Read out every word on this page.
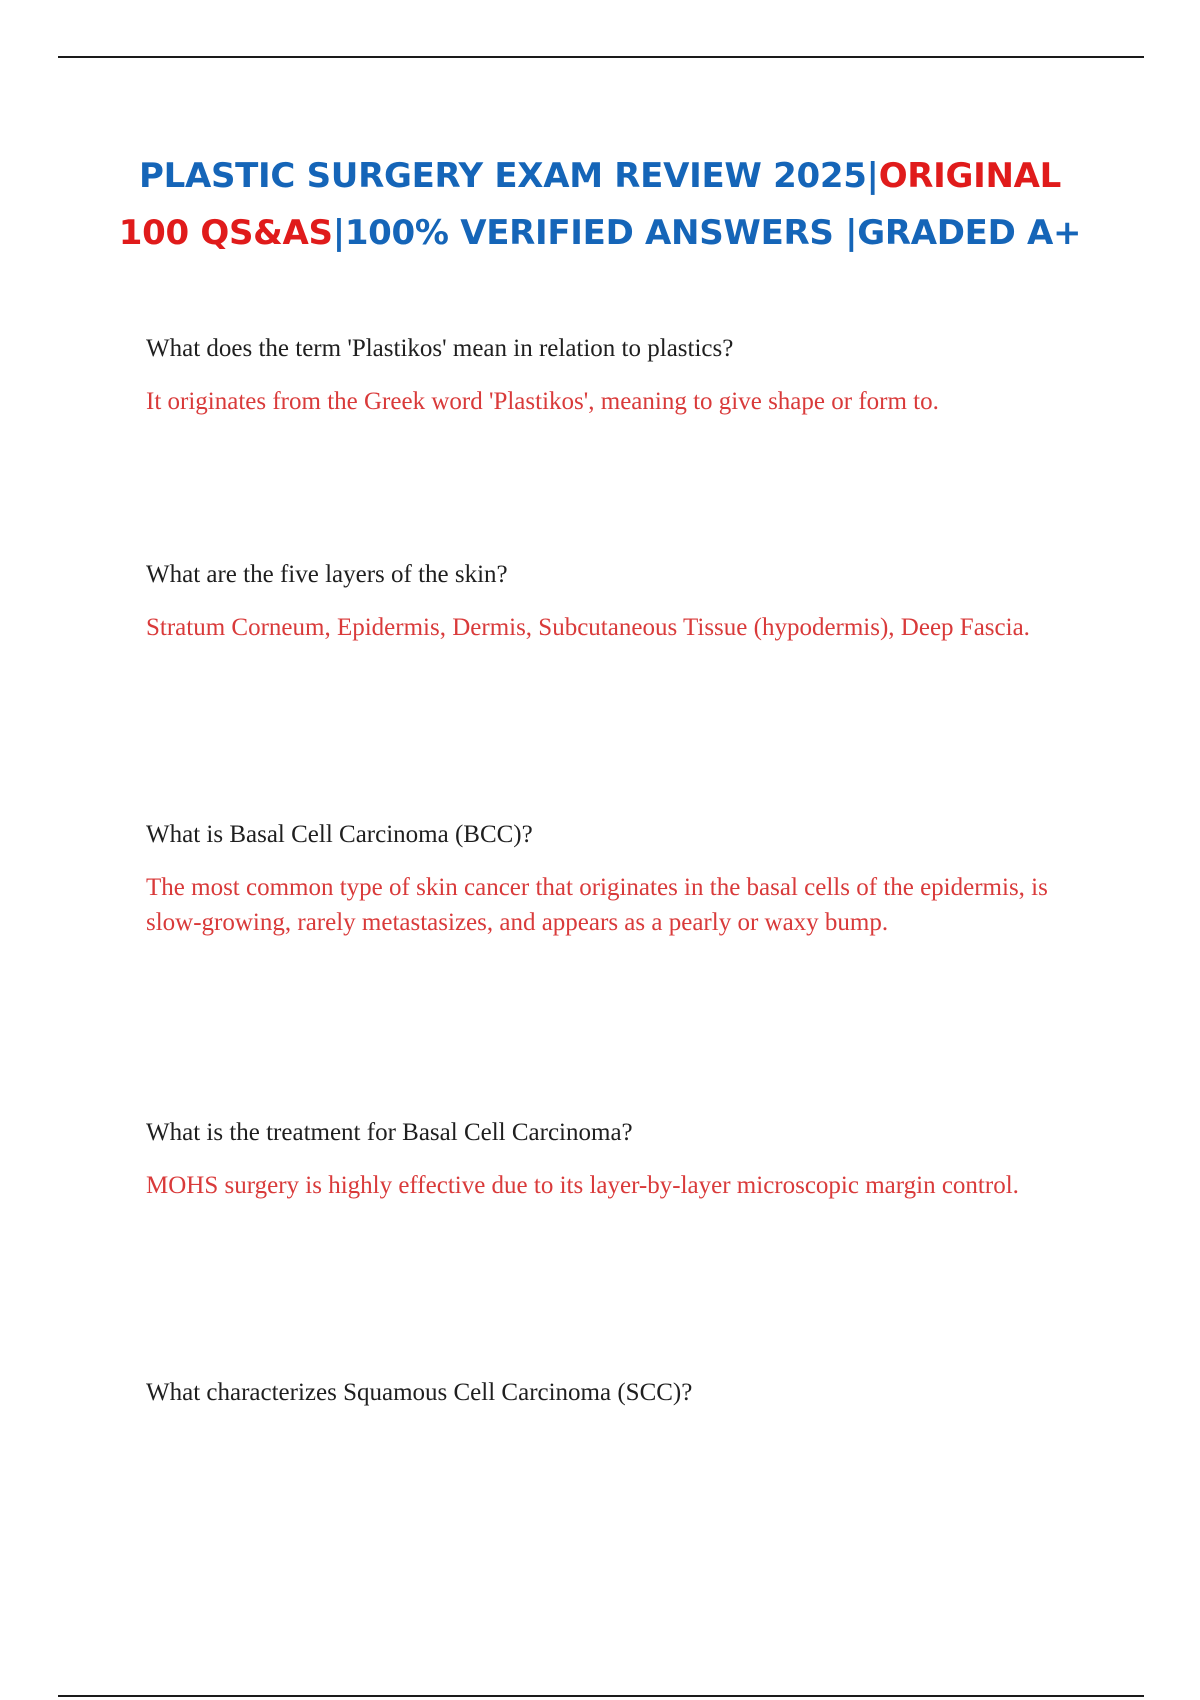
PLASTIC SURGERY EXAM REVIEW 2025|ORIGINAL
100 QS&AS|100% VERIFIED ANSWERS |GRADED A+

What does the term 'Plastikos' mean in relation to plastics?

It originates from the Greek word 'Plastikos', meaning to give shape or form to.

What are the five layers of the skin?

Stratum Corneum, Epidermis, Dermis, Subcutaneous Tissue (hypodermis), Deep Fascia.

What is Basal Cell Carcinoma (BCC)?

The most common type of skin cancer that originates in the basal cells of the epidermis, is slow-growing, rarely metastasizes, and appears as a pearly or waxy bump.

What is the treatment for Basal Cell Carcinoma?

MOHS surgery is highly effective due to its layer-by-layer microscopic margin control.

What characterizes Squamous Cell Carcinoma (SCC)?
